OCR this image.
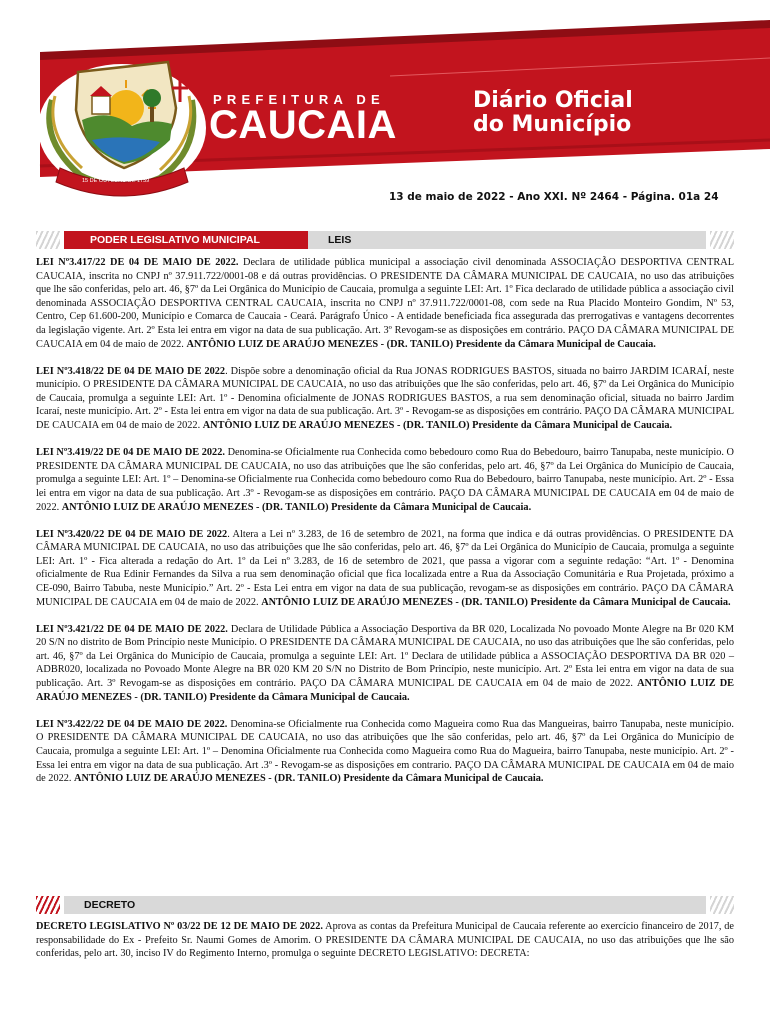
PREFEITURA DE
CAUCAIA
Diário Oficial
do Município
13 de maio de 2022 - Ano XXI. Nº 2464 - Página. 01a 24
CAUCAIA
15 DE OUTUBRO DE 1759
PODER LEGISLATIVO MUNICIPAL	LEIS

LEI Nº3.417/22 DE 04 DE MAIO DE 2022. Declara de utilidade pública municipal a associação civil denominada ASSOCIAÇÃO DESPORTIVA CENTRAL CAUCAIA, inscrita no CNPJ nº 37.911.722/0001-08 e dá outras providências. O PRESIDENTE DA CÂMARA MUNICIPAL DE CAUCAIA, no uso das atribuições que lhe são conferidas, pelo art. 46, §7º da Lei Orgânica do Município de Caucaia, promulga a seguinte LEI: Art. 1º Fica declarado de utilidade pública a associação civil denominada ASSOCIAÇÃO DESPORTIVA CENTRAL CAUCAIA, inscrita no CNPJ nº 37.911.722/0001-08, com sede na Rua Placido Monteiro Gondim, Nº 53, Centro, Cep 61.600-200, Município e Comarca de Caucaia - Ceará. Parágrafo Único - A entidade beneficiada fica assegurada das prerrogativas e vantagens decorrentes da legislação vigente. Art. 2º Esta lei entra em vigor na data de sua publicação. Art. 3º Revogam-se as disposições em contrário. PAÇO DA CÂMARA MUNICIPAL DE CAUCAIA em 04 de maio de 2022. ANTÔNIO LUIZ DE ARAÚJO MENEZES - (DR. TANILO) Presidente da Câmara Municipal de Caucaia.

LEI Nº3.418/22 DE 04 DE MAIO DE 2022. Dispõe sobre a denominação oficial da Rua JONAS RODRIGUES BASTOS, situada no bairro JARDIM ICARAÍ, neste município. O PRESIDENTE DA CÂMARA MUNICIPAL DE CAUCAIA, no uso das atribuições que lhe são conferidas, pelo art. 46, §7º da Lei Orgânica do Município de Caucaia, promulga a seguinte LEI: Art. 1º - Denomina oficialmente de JONAS RODRIGUES BASTOS, a rua sem denominação oficial, situada no bairro Jardim Icaraí, neste município. Art. 2º - Esta lei entra em vigor na data de sua publicação. Art. 3º - Revogam-se as disposições em contrário. PAÇO DA CÂMARA MUNICIPAL DE CAUCAIA em 04 de maio de 2022. ANTÔNIO LUIZ DE ARAÚJO MENEZES - (DR. TANILO) Presidente da Câmara Municipal de Caucaia.

LEI Nº3.419/22 DE 04 DE MAIO DE 2022. Denomina-se Oficialmente rua Conhecida como bebedouro como Rua do Bebedouro, bairro Tanupaba, neste município. O PRESIDENTE DA CÂMARA MUNICIPAL DE CAUCAIA, no uso das atribuições que lhe são conferidas, pelo art. 46, §7º da Lei Orgânica do Município de Caucaia, promulga a seguinte LEI: Art. 1º – Denomina-se Oficialmente rua Conhecida como bebedouro como Rua do Bebedouro, bairro Tanupaba, neste município. Art. 2º - Essa lei entra em vigor na data de sua publicação. Art .3º - Revogam-se as disposições em contrário. PAÇO DA CÂMARA MUNICIPAL DE CAUCAIA em 04 de maio de 2022. ANTÔNIO LUIZ DE ARAÚJO MENEZES - (DR. TANILO) Presidente da Câmara Municipal de Caucaia.

LEI Nº3.420/22 DE 04 DE MAIO DE 2022. Altera a Lei nº 3.283, de 16 de setembro de 2021, na forma que indica e dá outras providências. O PRESIDENTE DA CÂMARA MUNICIPAL DE CAUCAIA, no uso das atribuições que lhe são conferidas, pelo art. 46, §7º da Lei Orgânica do Município de Caucaia, promulga a seguinte LEI: Art. 1º - Fica alterada a redação do Art. 1º da Lei nº 3.283, de 16 de setembro de 2021, que passa a vigorar com a seguinte redação: “Art. 1º - Denomina oficialmente de Rua Edinir Fernandes da Silva a rua sem denominação oficial que fica localizada entre a Rua da Associação Comunitária e Rua Projetada, próximo a CE-090, Bairro Tabuba, neste Município.” Art. 2º - Esta Lei entra em vigor na data de sua publicação, revogam-se as disposições em contrário. PAÇO DA CÂMARA MUNICIPAL DE CAUCAIA em 04 de maio de 2022. ANTÔNIO LUIZ DE ARAÚJO MENEZES - (DR. TANILO) Presidente da Câmara Municipal de Caucaia.

LEI Nº3.421/22 DE 04 DE MAIO DE 2022. Declara de Utilidade Pública a Associação Desportiva da BR 020, Localizada No povoado Monte Alegre na Br 020 KM 20 S/N no distrito de Bom Princípio neste Município. O PRESIDENTE DA CÂMARA MUNICIPAL DE CAUCAIA, no uso das atribuições que lhe são conferidas, pelo art. 46, §7º da Lei Orgânica do Município de Caucaia, promulga a seguinte LEI: Art. 1º Declara de utilidade pública a ASSOCIAÇÃO DESPORTIVA DA BR 020 – ADBR020, localizada no Povoado Monte Alegre na BR 020 KM 20 S/N no Distrito de Bom Princípio, neste município. Art. 2º Esta lei entra em vigor na data de sua publicação. Art. 3º Revogam-se as disposições em contrário. PAÇO DA CÂMARA MUNICIPAL DE CAUCAIA em 04 de maio de 2022. ANTÔNIO LUIZ DE ARAÚJO MENEZES - (DR. TANILO) Presidente da Câmara Municipal de Caucaia.

LEI Nº3.422/22 DE 04 DE MAIO DE 2022. Denomina-se Oficialmente rua Conhecida como Magueira como Rua das Mangueiras, bairro Tanupaba, neste município. O PRESIDENTE DA CÂMARA MUNICIPAL DE CAUCAIA, no uso das atribuições que lhe são conferidas, pelo art. 46, §7º da Lei Orgânica do Município de Caucaia, promulga a seguinte LEI: Art. 1º – Denomina Oficialmente rua Conhecida como Magueira como Rua do Magueira, bairro Tanupaba, neste município. Art. 2º - Essa lei entra em vigor na data de sua publicação. Art .3º - Revogam-se as disposições em contrario. PAÇO DA CÂMARA MUNICIPAL DE CAUCAIA em 04 de maio de 2022. ANTÔNIO LUIZ DE ARAÚJO MENEZES - (DR. TANILO) Presidente da Câmara Municipal de Caucaia.

DECRETO

DECRETO LEGISLATIVO Nº 03/22 DE 12 DE MAIO DE 2022. Aprova as contas da Prefeitura Municipal de Caucaia referente ao exercício financeiro de 2017, de responsabilidade do Ex - Prefeito Sr. Naumi Gomes de Amorim. O PRESIDENTE DA CÂMARA MUNICIPAL DE CAUCAIA, no uso das atribuições que lhe são conferidas, pelo art. 30, inciso IV do Regimento Interno, promulga o seguinte DECRETO LEGISLATIVO: DECRETA:
